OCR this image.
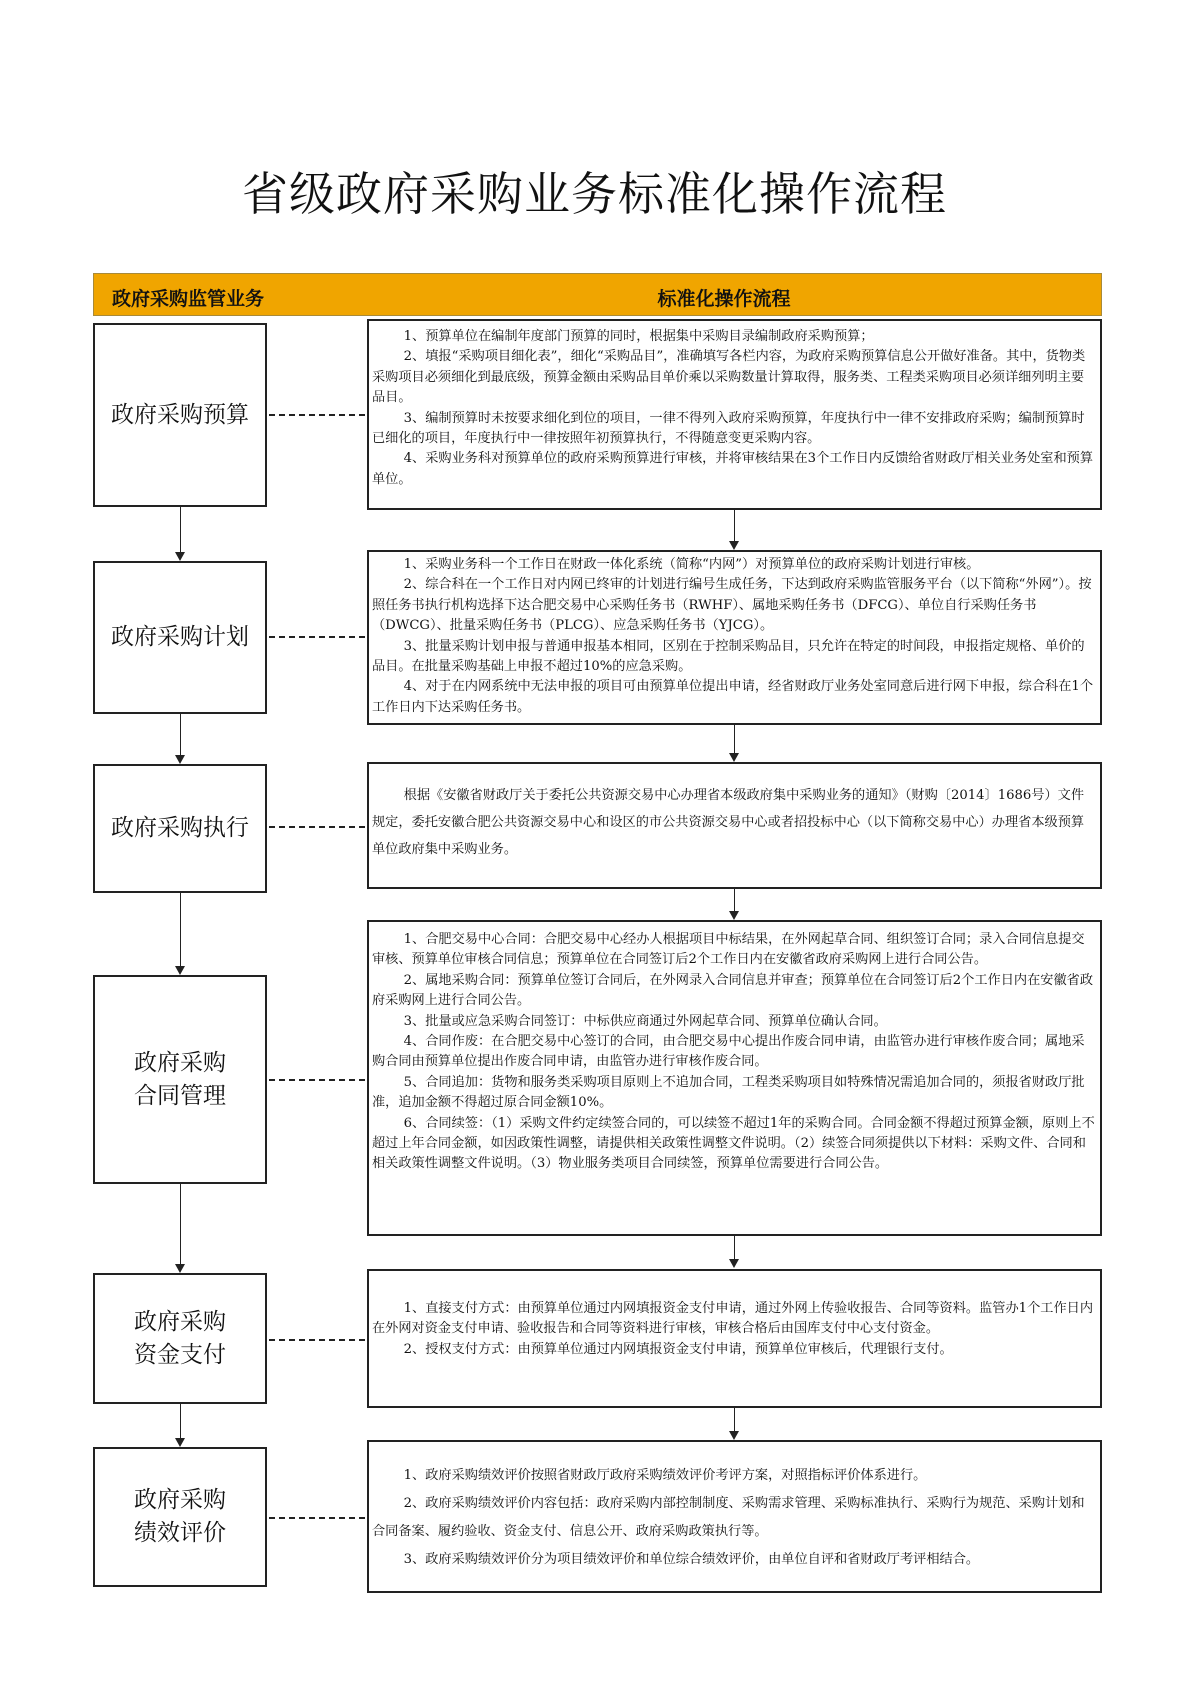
省级政府采购业务标准化操作流程
政府采购监管业务	标准化操作流程
政府采购预算

1、预算单位在编制年度部门预算的同时，根据集中采购目录编制政府采购预算；

2、填报“采购项目细化表”，细化“采购品目”，准确填写各栏内容，为政府采购预算信息公开做好准备。其中，货物类采购项目必须细化到最底级，预算金额由采购品目单价乘以采购数量计算取得，服务类、工程类采购项目必须详细列明主要品目。

3、编制预算时未按要求细化到位的项目，一律不得列入政府采购预算，年度执行中一律不安排政府采购；编制预算时已细化的项目，年度执行中一律按照年初预算执行，不得随意变更采购内容。

4、采购业务科对预算单位的政府采购预算进行审核，并将审核结果在3个工作日内反馈给省财政厅相关业务处室和预算单位。

政府采购计划

1、采购业务科一个工作日在财政一体化系统（简称“内网”）对预算单位的政府采购计划进行审核。

2、综合科在一个工作日对内网已终审的计划进行编号生成任务，下达到政府采购监管服务平台（以下简称“外网”）。按照任务书执行机构选择下达合肥交易中心采购任务书（RWHF）、属地采购任务书（DFCG）、单位自行采购任务书（DWCG）、批量采购任务书（PLCG）、应急采购任务书（YJCG）。

3、批量采购计划申报与普通申报基本相同，区别在于控制采购品目，只允许在特定的时间段，申报指定规格、单价的品目。在批量采购基础上申报不超过10%的应急采购。

4、对于在内网系统中无法申报的项目可由预算单位提出申请，经省财政厅业务处室同意后进行网下申报，综合科在1个工作日内下达采购任务书。

政府采购执行

根据《安徽省财政厅关于委托公共资源交易中心办理省本级政府集中采购业务的通知》（财购〔2014〕1686号）文件规定，委托安徽合肥公共资源交易中心和设区的市公共资源交易中心或者招投标中心（以下简称交易中心）办理省本级预算单位政府集中采购业务。

政府采购
合同管理

1、合肥交易中心合同：合肥交易中心经办人根据项目中标结果，在外网起草合同、组织签订合同；录入合同信息提交审核、预算单位审核合同信息；预算单位在合同签订后2个工作日内在安徽省政府采购网上进行合同公告。

2、属地采购合同：预算单位签订合同后，在外网录入合同信息并审查；预算单位在合同签订后2个工作日内在安徽省政府采购网上进行合同公告。

3、批量或应急采购合同签订：中标供应商通过外网起草合同、预算单位确认合同。

4、合同作废：在合肥交易中心签订的合同，由合肥交易中心提出作废合同申请，由监管办进行审核作废合同；属地采购合同由预算单位提出作废合同申请，由监管办进行审核作废合同。

5、合同追加：货物和服务类采购项目原则上不追加合同，工程类采购项目如特殊情况需追加合同的，须报省财政厅批准，追加金额不得超过原合同金额10%。

6、合同续签：（1）采购文件约定续签合同的，可以续签不超过1年的采购合同。合同金额不得超过预算金额，原则上不超过上年合同金额，如因政策性调整，请提供相关政策性调整文件说明。（2）续签合同须提供以下材料：采购文件、合同和相关政策性调整文件说明。（3）物业服务类项目合同续签，预算单位需要进行合同公告。

政府采购
资金支付

1、直接支付方式：由预算单位通过内网填报资金支付申请，通过外网上传验收报告、合同等资料。监管办1个工作日内在外网对资金支付申请、验收报告和合同等资料进行审核，审核合格后由国库支付中心支付资金。

2、授权支付方式：由预算单位通过内网填报资金支付申请，预算单位审核后，代理银行支付。

政府采购
绩效评价

1、政府采购绩效评价按照省财政厅政府采购绩效评价考评方案，对照指标评价体系进行。

2、政府采购绩效评价内容包括：政府采购内部控制制度、采购需求管理、采购标准执行、采购行为规范、采购计划和合同备案、履约验收、资金支付、信息公开、政府采购政策执行等。

3、政府采购绩效评价分为项目绩效评价和单位综合绩效评价，由单位自评和省财政厅考评相结合。
